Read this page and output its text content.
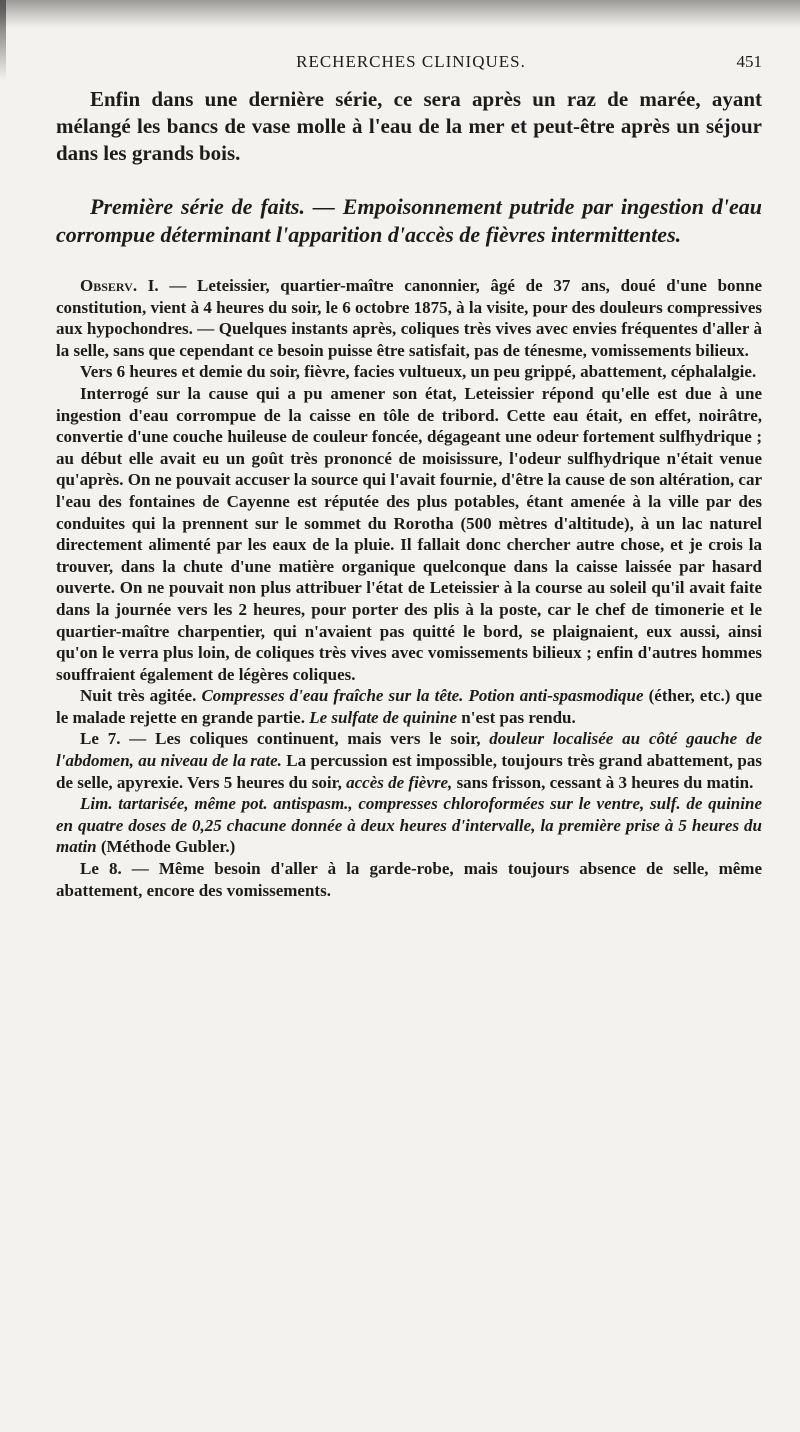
RECHERCHES CLINIQUES.	451

Enfin dans une dernière série, ce sera après un raz de marée, ayant mélangé les bancs de vase molle à l'eau de la mer et peut-être après un séjour dans les grands bois.

Première série de faits. — Empoisonnement putride par ingestion d'eau corrompue déterminant l'apparition d'accès de fièvres intermittentes.

Observ. I. — Leteissier, quartier-maître canonnier, âgé de 37 ans, doué d'une bonne constitution, vient à 4 heures du soir, le 6 octobre 1875, à la visite, pour des douleurs compressives aux hypochondres. — Quelques instants après, coliques très vives avec envies fréquentes d'aller à la selle, sans que cependant ce besoin puisse être satisfait, pas de ténesme, vomissements bilieux.

Vers 6 heures et demie du soir, fièvre, facies vultueux, un peu grippé, abattement, céphalalgie.

Interrogé sur la cause qui a pu amener son état, Leteissier répond qu'elle est due à une ingestion d'eau corrompue de la caisse en tôle de tribord. Cette eau était, en effet, noirâtre, convertie d'une couche huileuse de couleur foncée, dégageant une odeur fortement sulfhydrique ; au début elle avait eu un goût très prononcé de moisissure, l'odeur sulfhydrique n'était venue qu'après. On ne pouvait accuser la source qui l'avait fournie, d'être la cause de son altération, car l'eau des fontaines de Cayenne est réputée des plus potables, étant amenée à la ville par des conduites qui la prennent sur le sommet du Rorotha (500 mètres d'altitude), à un lac naturel directement alimenté par les eaux de la pluie. Il fallait donc chercher autre chose, et je crois la trouver, dans la chute d'une matière organique quelconque dans la caisse laissée par hasard ouverte. On ne pouvait non plus attribuer l'état de Leteissier à la course au soleil qu'il avait faite dans la journée vers les 2 heures, pour porter des plis à la poste, car le chef de timonerie et le quartier-maître charpentier, qui n'avaient pas quitté le bord, se plaignaient, eux aussi, ainsi qu'on le verra plus loin, de coliques très vives avec vomissements bilieux ; enfin d'autres hommes souffraient également de légères coliques.

Nuit très agitée. Compresses d'eau fraîche sur la tête. Potion anti-spasmodique (éther, etc.) que le malade rejette en grande partie. Le sulfate de quinine n'est pas rendu.

Le 7. — Les coliques continuent, mais vers le soir, douleur localisée au côté gauche de l'abdomen, au niveau de la rate. La percussion est impossible, toujours très grand abattement, pas de selle, apyrexie. Vers 5 heures du soir, accès de fièvre, sans frisson, cessant à 3 heures du matin.

Lim. tartarisée, même pot. antispasm., compresses chloroformées sur le ventre, sulf. de quinine en quatre doses de 0,25 chacune donnée à deux heures d'intervalle, la première prise à 5 heures du matin (Méthode Gubler.)

Le 8. — Même besoin d'aller à la garde-robe, mais toujours absence de selle, même abattement, encore des vomissements.
